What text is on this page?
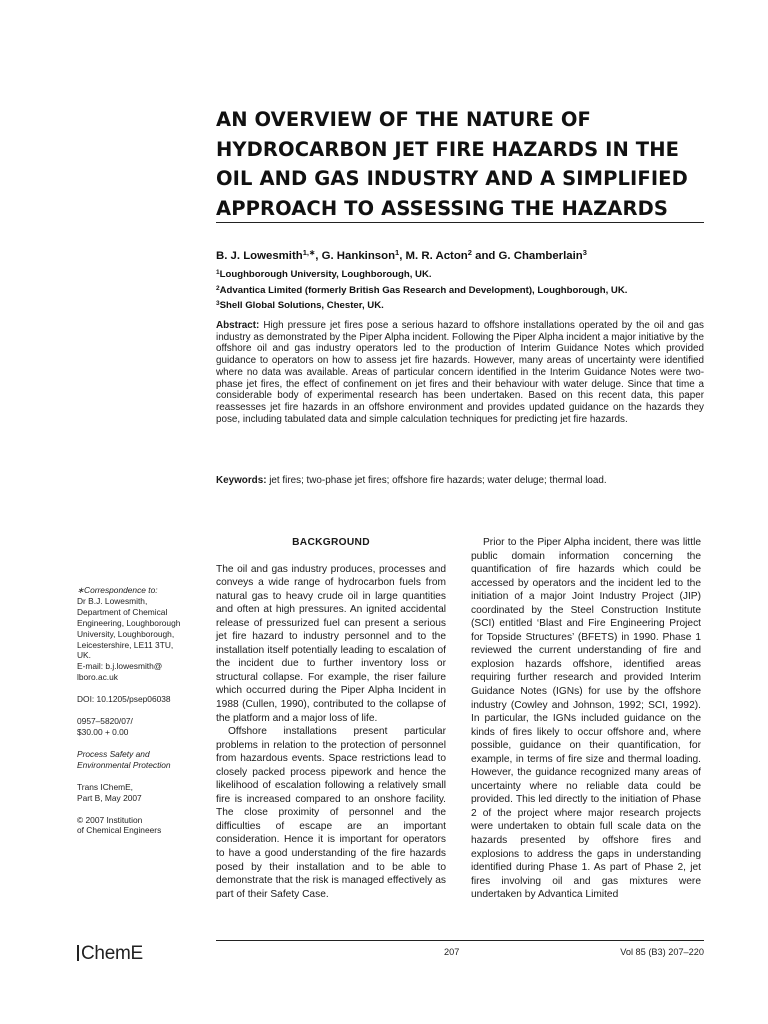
AN OVERVIEW OF THE NATURE OF HYDROCARBON JET FIRE HAZARDS IN THE OIL AND GAS INDUSTRY AND A SIMPLIFIED APPROACH TO ASSESSING THE HAZARDS
B. J. Lowesmith$^{1,∗}$, G. Hankinson$^1$, M. R. Acton$^2$ and G. Chamberlain$^3$
$^1$Loughborough University, Loughborough, UK.
$^2$Advantica Limited (formerly British Gas Research and Development), Loughborough, UK.
$^3$Shell Global Solutions, Chester, UK.
Abstract: High pressure jet fires pose a serious hazard to offshore installations operated by the oil and gas industry as demonstrated by the Piper Alpha incident. Following the Piper Alpha incident a major initiative by the offshore oil and gas industry operators led to the production of Interim Guidance Notes which provided guidance to operators on how to assess jet fire hazards. However, many areas of uncertainty were identified where no data was available. Areas of particular concern identified in the Interim Guidance Notes were two-phase jet fires, the effect of confinement on jet fires and their behaviour with water deluge. Since that time a considerable body of experimental research has been undertaken. Based on this recent data, this paper reassesses jet fire hazards in an offshore environment and provides updated guidance on the hazards they pose, including tabulated data and simple calculation techniques for predicting jet fire hazards.
Keywords: jet fires; two-phase jet fires; offshore fire hazards; water deluge; thermal load.
∗Correspondence to:
Dr B.J. Lowesmith,
Department of Chemical
Engineering, Loughborough
University, Loughborough,
Leicestershire, LE11 3TU,
UK.
E-mail: b.j.lowesmith@
lboro.ac.uk
DOI: 10.1205/psep06038
0957–5820/07/
$30.00 + 0.00
Process Safety and
Environmental Protection
Trans IChemE,
Part B, May 2007
© 2007 Institution
of Chemical Engineers
BACKGROUND

The oil and gas industry produces, processes and conveys a wide range of hydrocarbon fuels from natural gas to heavy crude oil in large quantities and often at high pressures. An ignited accidental release of pressurized fuel can present a serious jet fire hazard to industry personnel and to the installation itself potentially leading to escalation of the incident due to further inventory loss or structural collapse. For example, the riser failure which occurred during the Piper Alpha Incident in 1988 (Cullen, 1990), contributed to the collapse of the platform and a major loss of life.

Offshore installations present particular problems in relation to the protection of personnel from hazardous events. Space restrictions lead to closely packed process pipework and hence the likelihood of escalation following a relatively small fire is increased compared to an onshore facility. The close proximity of personnel and the difficulties of escape are an important consideration. Hence it is important for operators to have a good understanding of the fire hazards posed by their installation and to be able to demonstrate that the risk is managed effectively as part of their Safety Case.

Prior to the Piper Alpha incident, there was little public domain information concerning the quantification of fire hazards which could be accessed by operators and the incident led to the initiation of a major Joint Industry Project (JIP) coordinated by the Steel Construction Institute (SCI) entitled ‘Blast and Fire Engineering Project for Topside Structures’ (BFETS) in 1990. Phase 1 reviewed the current understanding of fire and explosion hazards offshore, identified areas requiring further research and provided Interim Guidance Notes (IGNs) for use by the offshore industry (Cowley and Johnson, 1992; SCI, 1992). In particular, the IGNs included guidance on the kinds of fires likely to occur offshore and, where possible, guidance on their quantification, for example, in terms of fire size and thermal loading. However, the guidance recognized many areas of uncertainty where no reliable data could be provided. This led directly to the initiation of Phase 2 of the project where major research projects were undertaken to obtain full scale data on the hazards presented by offshore fires and explosions to address the gaps in understanding identified during Phase 1. As part of Phase 2, jet fires involving oil and gas mixtures were undertaken by Advantica Limited

ChemE	207	Vol 85 (B3) 207–220
